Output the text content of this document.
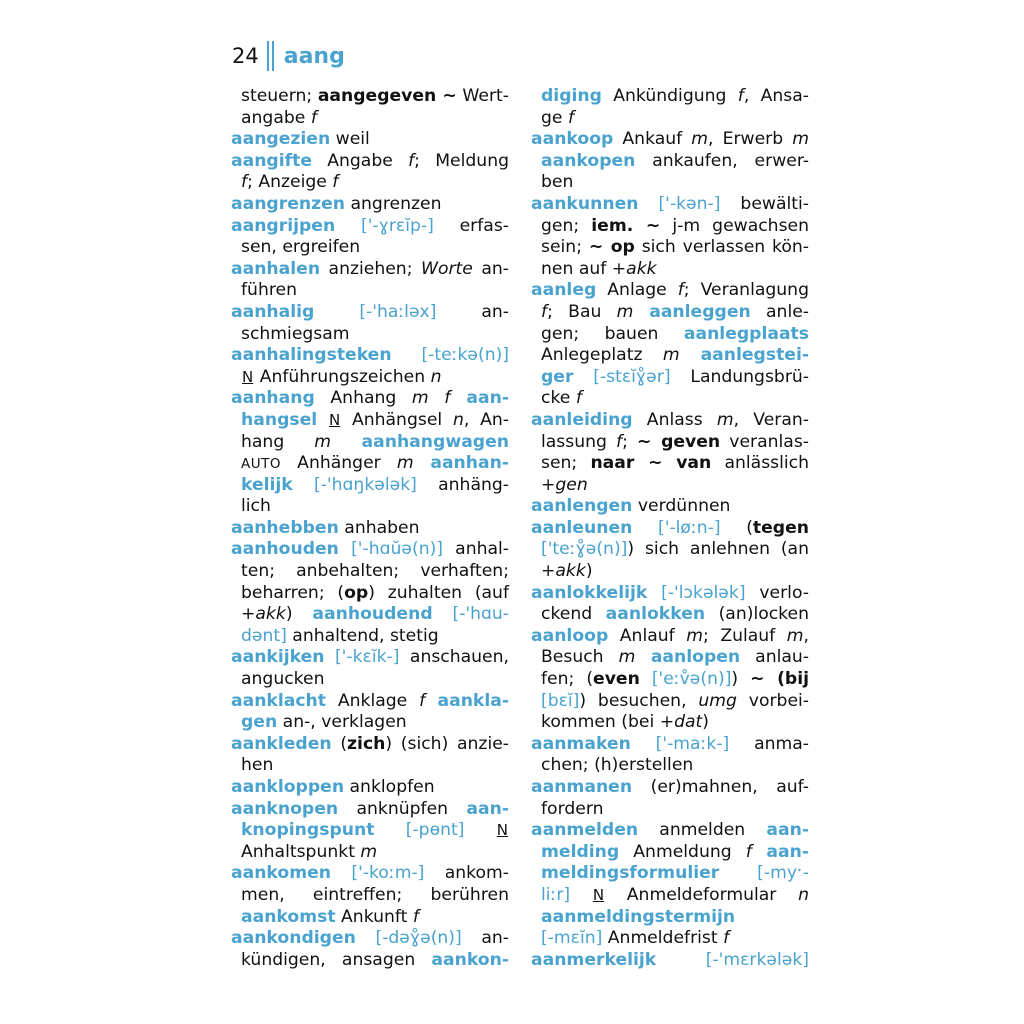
24 aang
steuern; aangegeven ~ Wert-
angabe f
aangezien weil
aangifte Angabe f; Meldung
f; Anzeige f
aangrenzen angrenzen
aangrijpen ['-ɣrɛĭp-] erfas-
sen, ergreifen
aanhalen anziehen; Worte an-
führen
aanhalig [-'haːləx] an-
schmiegsam
aanhalingsteken [-teːkə(n)]
N Anführungszeichen n
aanhang Anhang m f aan-
hangsel N Anhängsel n, An-
hang m aanhangwagen
AUTO Anhänger m aanhan-
kelijk [-'hɑŋkələk] anhäng-
lich
aanhebben anhaben
aanhouden ['-hɑŭə(n)] anhal-
ten; anbehalten; verhaften;
beharren; (op) zuhalten (auf
+akk) aanhoudend [-'hɑu-
dənt] anhaltend, stetig
aankijken ['-kɛĭk-] anschauen,
angucken
aanklacht Anklage f aankla-
gen an-, verklagen
aankleden (zich) (sich) anzie-
hen
aankloppen anklopfen
aanknopen anknüpfen aan-
knopingspunt [-pɵnt] N
Anhaltspunkt m
aankomen ['-koːm-] ankom-
men, eintreffen; berühren
aankomst Ankunft f
aankondigen [-dəɣ̊ə(n)] an-
kündigen, ansagen aankon-
diging Ankündigung f, Ansa-
ge f
aankoop Ankauf m, Erwerb m
aankopen ankaufen, erwer-
ben
aankunnen ['-kən-] bewälti-
gen; iem. ~ j-m gewachsen
sein; ~ op sich verlassen kön-
nen auf +akk
aanleg Anlage f; Veranlagung
f; Bau m aanleggen anle-
gen; bauen aanlegplaats
Anlegeplatz m aanlegstei-
ger [-stɛĭɣ̊ər] Landungsbrü-
cke f
aanleiding Anlass m, Veran-
lassung f; ~ geven veranlas-
sen; naar ~ van anlässlich
+gen
aanlengen verdünnen
aanleunen ['-løːn-] (tegen
['teːɣ̊ə(n)]) sich anlehnen (an
+akk)
aanlokkelijk [-'lɔkələk] verlo-
ckend aanlokken (an)locken
aanloop Anlauf m; Zulauf m,
Besuch m aanlopen anlau-
fen; (even ['eːv̊ə(n)]) ~ (bij
[bɛĭ]) besuchen, umg vorbei-
kommen (bei +dat)
aanmaken ['-maːk-] anma-
chen; (h)erstellen
aanmanen (er)mahnen, auf-
fordern
aanmelden anmelden aan-
melding Anmeldung f aan-
meldingsformulier [-myˑ-
liːr] N Anmeldeformular n
aanmeldingstermijn
[-mɛĭn] Anmeldefrist f
aanmerkelijk [-'mɛrkələk]
